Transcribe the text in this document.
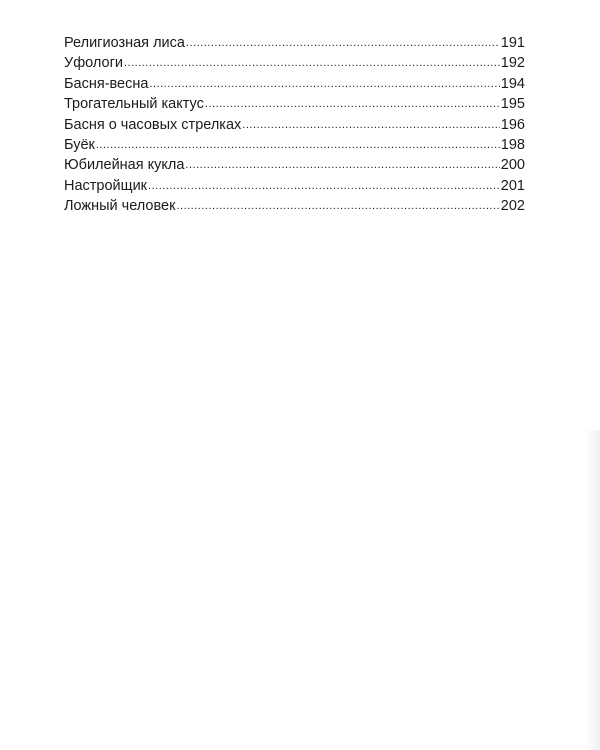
Религиозная лиса .....	191
Уфологи .....	192
Басня-весна .....	194
Трогательный кактус .....	195
Басня о часовых стрелках .....	196
Буёк .....	198
Юбилейная кукла .....	200
Настройщик .....	201
Ложный человек .....	202
